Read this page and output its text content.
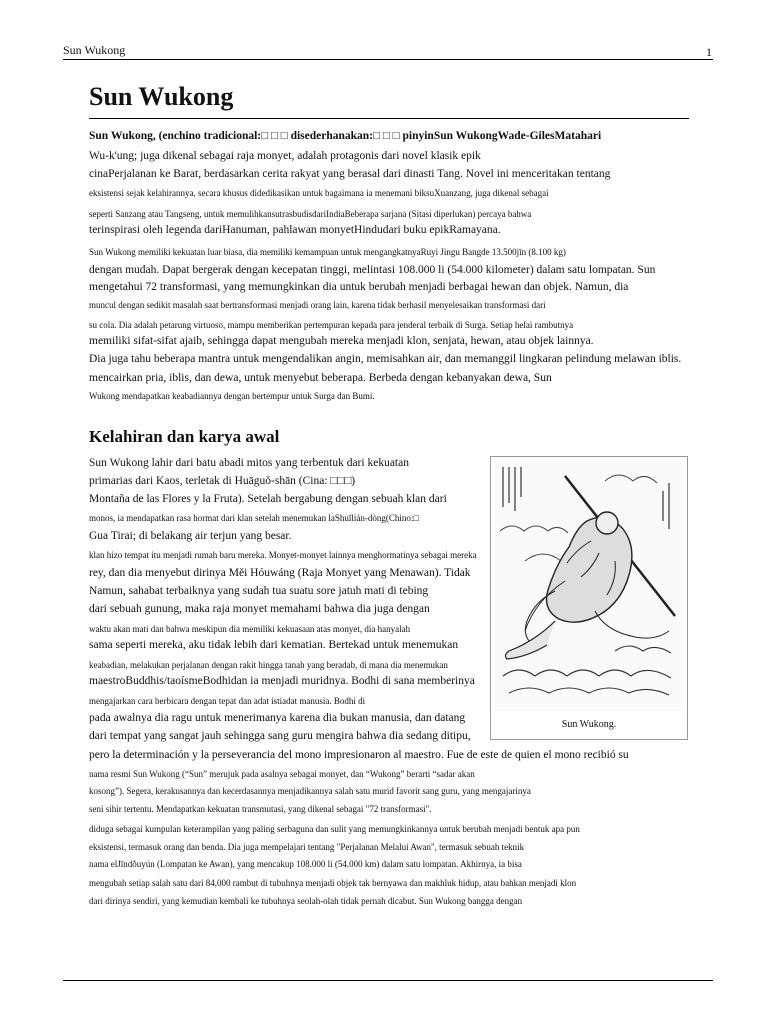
Sun Wukong	1
Sun Wukong
Sun Wukong, (enchino tradicional:□ □ □ disederhanakan:□ □ □ pinyinSun WukongWade-GilesMatahari
Wu-k'ung; juga dikenal sebagai raja monyet, adalah protagonis dari novel klasik epik
cinaPerjalanan ke Barat, berdasarkan cerita rakyat yang berasal dari dinasti Tang. Novel ini menceritakan tentang
eksistensi sejak kelahirannya, secara khusus didedikasikan untuk bagaimana ia menemani biksuXuanzang, juga dikenal sebagai
seperti Sanzang atau Tangseng, untuk memulihkansutrasbudisdariIndiaBeberapa sarjana (Sitasi diperlukan) percaya bahwa
terinspirasi oleh legenda dariHanuman, pahlawan monyetHindudari buku epikRamayana.
Sun Wukong memiliki kekuatan luar biasa, dia memiliki kemampuan untuk mengangkatnyaRuyi Jingu Bangde 13.500jīn (8.100 kg)
dengan mudah. Dapat bergerak dengan kecepatan tinggi, melintasi 108.000 li (54.000 kilometer) dalam satu lompatan. Sun
mengetahui 72 transformasi, yang memungkinkan dia untuk berubah menjadi berbagai hewan dan objek. Namun, dia
muncul dengan sedikit masalah saat bertransformasi menjadi orang lain, karena tidak berhasil menyelesaikan transformasi dari
su cola. Dia adalah petarung virtuoso, mampu memberikan pertempuran kepada para jenderal terbaik di Surga. Setiap helai rambutnya
memiliki sifat-sifat ajaib, sehingga dapat mengubah mereka menjadi klon, senjata, hewan, atau objek lainnya.
Dia juga tahu beberapa mantra untuk mengendalikan angin, memisahkan air, dan memanggil lingkaran pelindung melawan iblis.
mencairkan pria, iblis, dan dewa, untuk menyebut beberapa. Berbeda dengan kebanyakan dewa, Sun
Wukong mendapatkan keabadiannya dengan bertempur untuk Surga dan Bumi.
Kelahiran dan karya awal
Sun Wukong.
Sun Wukong lahir dari batu abadi mitos yang terbentuk dari kekuatan
primarias dari Kaos, terletak di Huāguǒ-shān (Cina: □□□)
Montaña de las Flores y la Fruta). Setelah bergabung dengan sebuah klan dari
monos, ia mendapatkan rasa hormat dari klan setelah menemukan laShuǐlián-dòng(Chino:□
Gua Tirai; di belakang air terjun yang besar.
klan hizo tempat itu menjadi rumah baru mereka. Monyet-monyet lainnya menghormatinya sebagai mereka
rey, dan dia menyebut dirinya Měi Hóuwáng (Raja Monyet yang Menawan). Tidak
Namun, sahabat terbaiknya yang sudah tua suatu sore jatuh mati di tebing
dari sebuah gunung, maka raja monyet memahami bahwa dia juga dengan
waktu akan mati dan bahwa meskipun dia memiliki kekuasaan atas monyet, dia hanyalah
sama seperti mereka, aku tidak lebih dari kematian. Bertekad untuk menemukan
keabadian, melakukan perjalanan dengan rakit hingga tanah yang beradab, di mana dia menemukan
maestroBuddhis/taoísmeBodhidan ia menjadi muridnya. Bodhi di sana memberinya
mengajarkan cara berbicara dengan tepat dan adat istiadat manusia. Bodhi di
pada awalnya dia ragu untuk menerimanya karena dia bukan manusia, dan datang
dari tempat yang sangat jauh sehingga sang guru mengira bahwa dia sedang ditipu,
pero la determinación y la perseverancia del mono impresionaron al maestro. Fue de este de quien el mono recibió su
nama resmi Sun Wukong (“Sun” merujuk pada asalnya sebagai monyet, dan “Wukong” berarti “sadar akan
kosong”). Segera, kerakusannya dan kecerdasannya menjadikannya salah satu murid favorit sang guru, yang mengajarinya
seni sihir tertentu. Mendapatkan kekuatan transmutasi, yang dikenal sebagai "72 transformasi".
diduga sebagai kumpulan keterampilan yang paling serbaguna dan sulit yang memungkinkannya untuk berubah menjadi bentuk apa pun
eksistensi, termasuk orang dan benda. Dia juga mempelajari tentang "Perjalanan Melalui Awan", termasuk sebuah teknik
nama elJīndǒuyún (Lompatan ke Awan), yang mencakup 108.000 li (54.000 km) dalam satu lompatan. Akhirnya, ia bisa
mengubah setiap salah satu dari 84,000 rambut di tubuhnya menjadi objek tak bernyawa dan makhluk hidup, atau bahkan menjadi klon
dari dirinya sendiri, yang kemudian kembali ke tubuhnya seolah-olah tidak pernah dicabut. Sun Wukong bangga dengan
